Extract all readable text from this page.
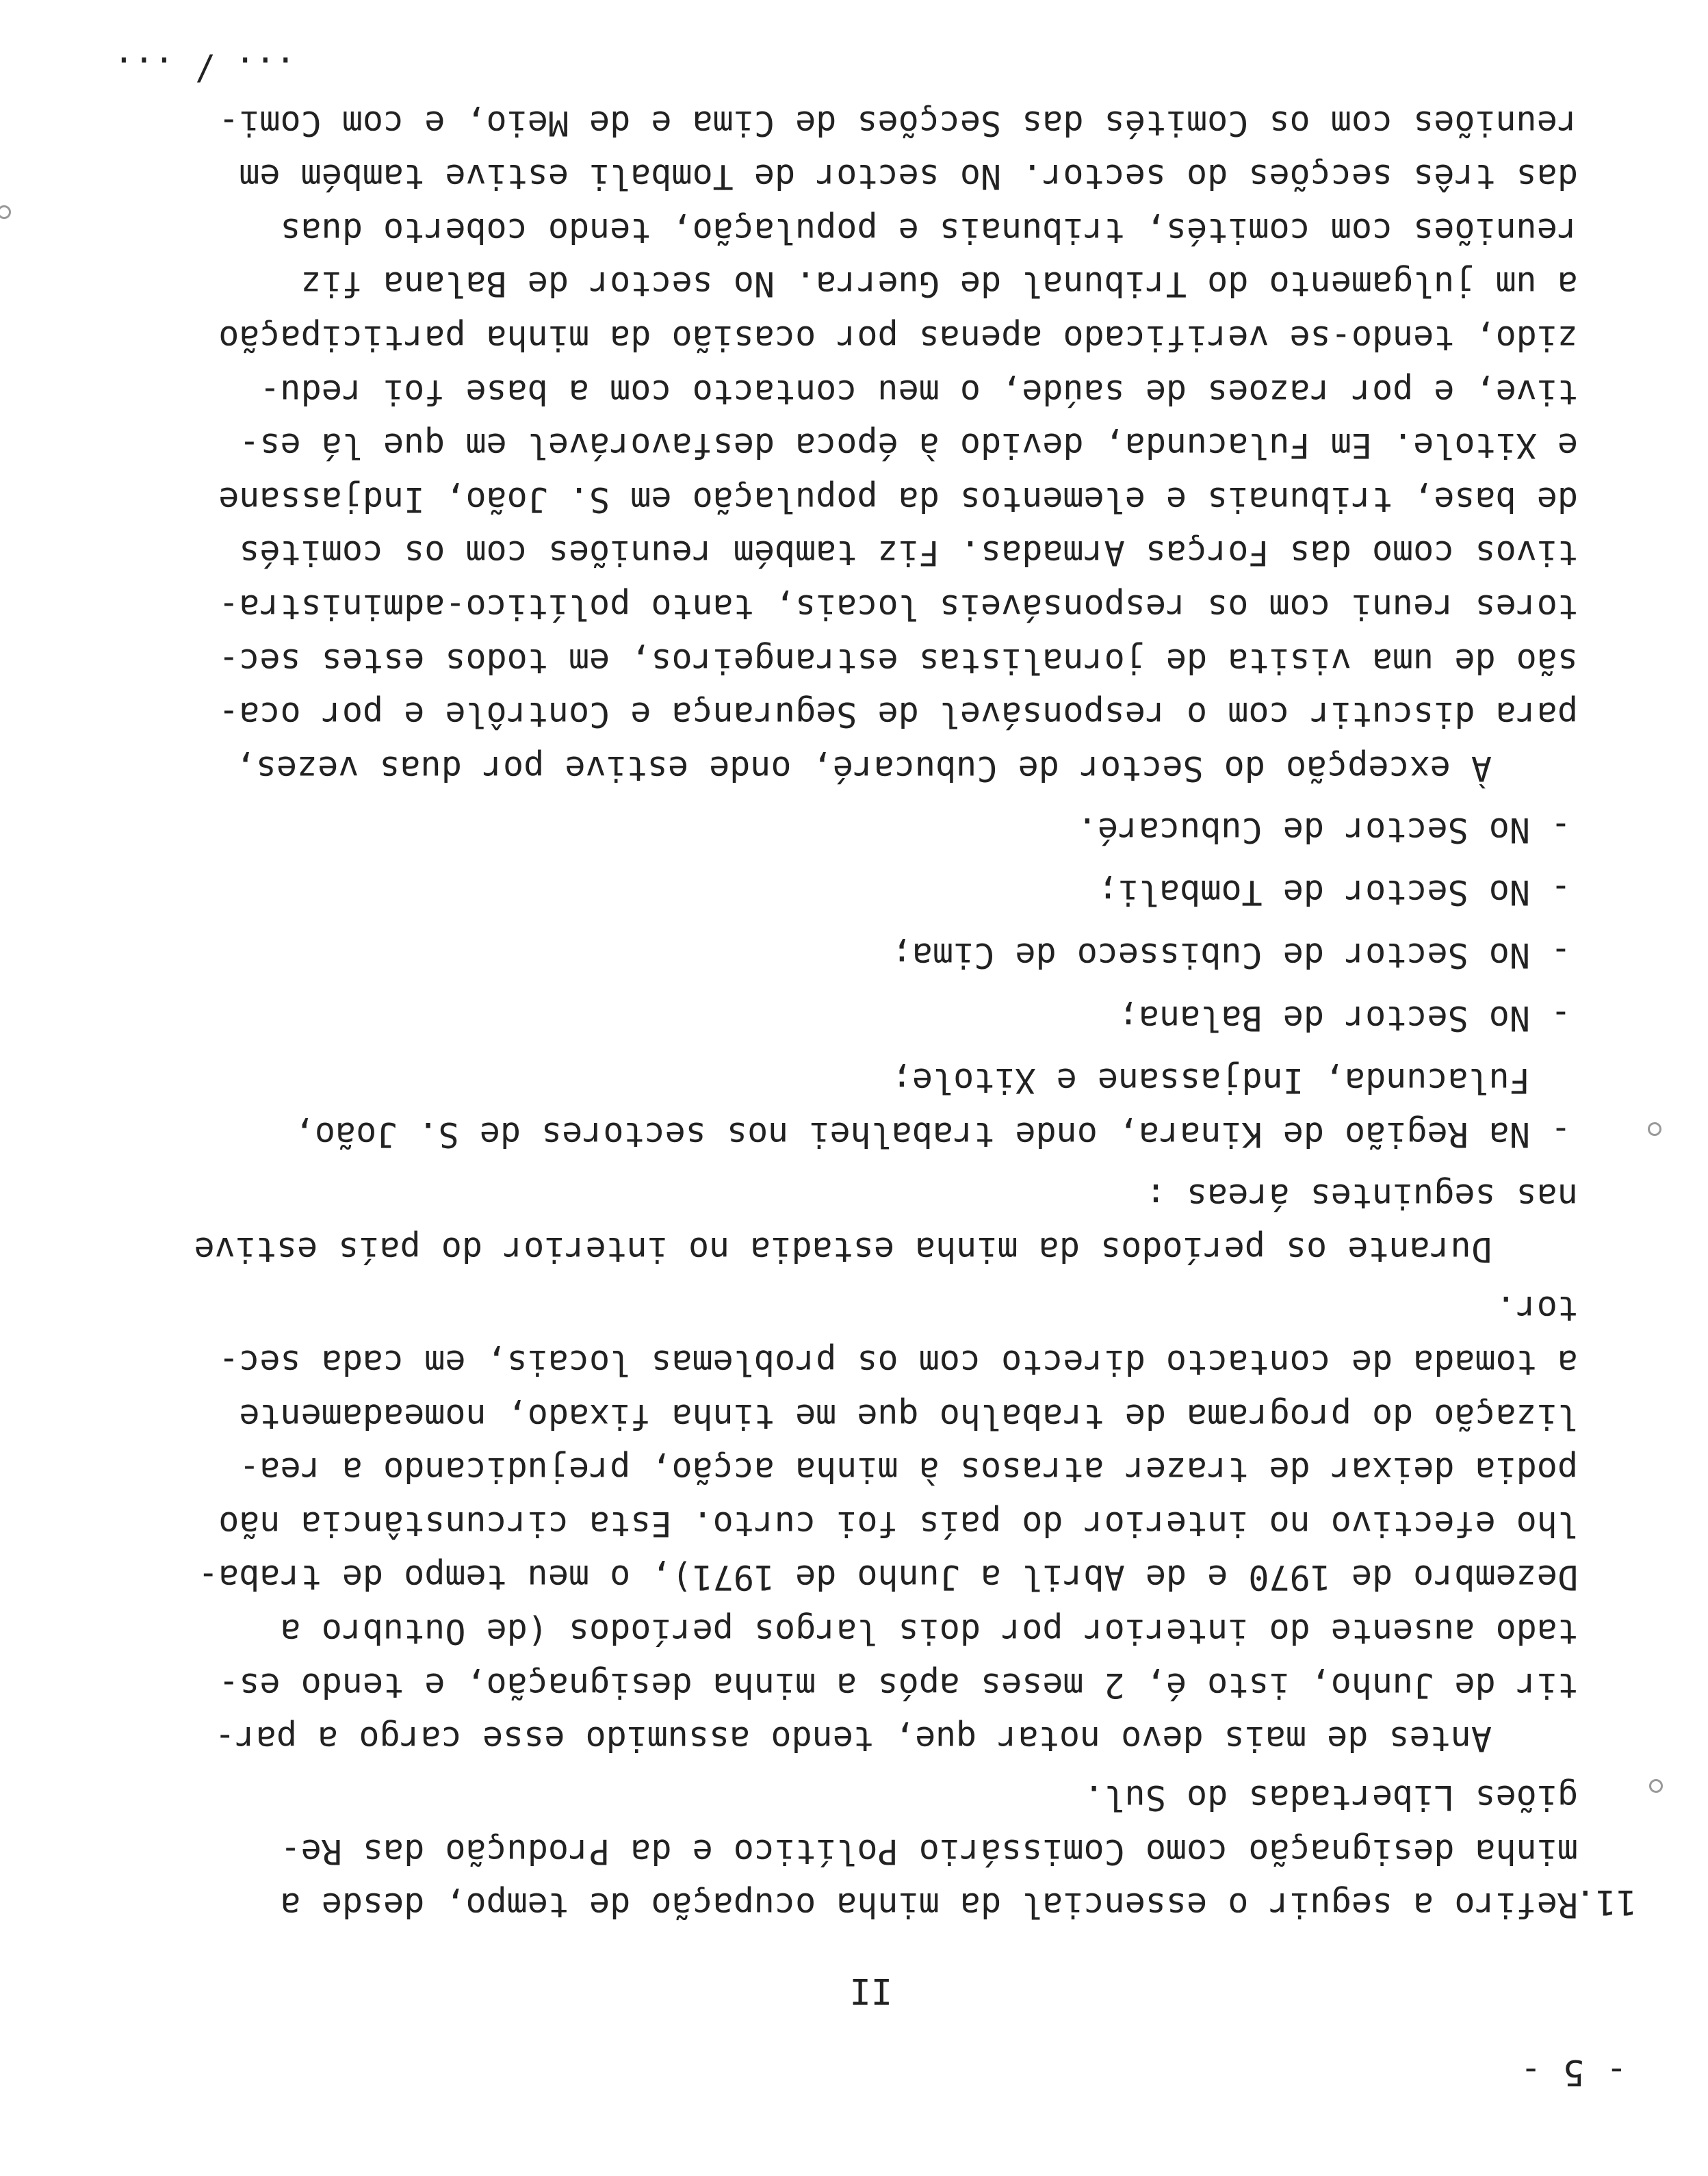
- 5 -
II
11.
Refiro a seguir o essencial da minha ocupação de tempo, desde a
minha designação como Comissário Político e da Produção das Re-
giões Libertadas do Sul.
Antes de mais devo notar que, tendo assumido esse cargo a par-
tir de Junho, isto é, 2 meses após a minha designação, e tendo es-
tado ausente do interior por dois largos períodos (de Outubro a
Dezembro de 1970 e de Abril a Junho de 1971), o meu tempo de traba-
lho efectivo no interior do país foi curto. Esta circunstância não
podia deixar de trazer atrasos à minha acção, prejudicando a rea-
lização do programa de trabalho que me tinha fixado, nomeadamente
a tomada de contacto directo com os problemas locais, em cada sec-
tor.
Durante os períodos da minha estadia no interior do país estive
nas seguintes áreas :
-
Na Região de Kinara, onde trabalhei nos sectores de S. João,
Fulacunda, Indjassane e Xitole;
-
No Sector de Balana;
-
No Sector de Cubisseco de Cima;
-
No Sector de Tombali;
-
No Sector de Cubucaré.
À excepção do Sector de Cubucaré, onde estive por duas vezes,
para discutir com o responsável de Segurança e Contrôle e por oca-
são de uma visita de jornalistas estrangeiros, em todos estes sec-
tores reuni com os responsáveis locais, tanto político-administra-
tivos como das Forças Armadas. Fiz também reuniões com os comités
de base, tribunais e elementos da população em S. João, Indjassane
e Xitole. Em Fulacunda, devido à época desfavorável em que lá es-
tive, e por razoes de saúde, o meu contacto com a base foi redu-
zido, tendo-se verificado apenas por ocasião da minha participação
a um julgamento do Tribunal de Guerra. No sector de Balana fiz
reuniões com comités, tribunais e população, tendo coberto duas
das três secções do sector. No sector de Tombali estive também em
reuniões com os Comités das Secções de Cima e de Meio, e com Comi-
... / ...
